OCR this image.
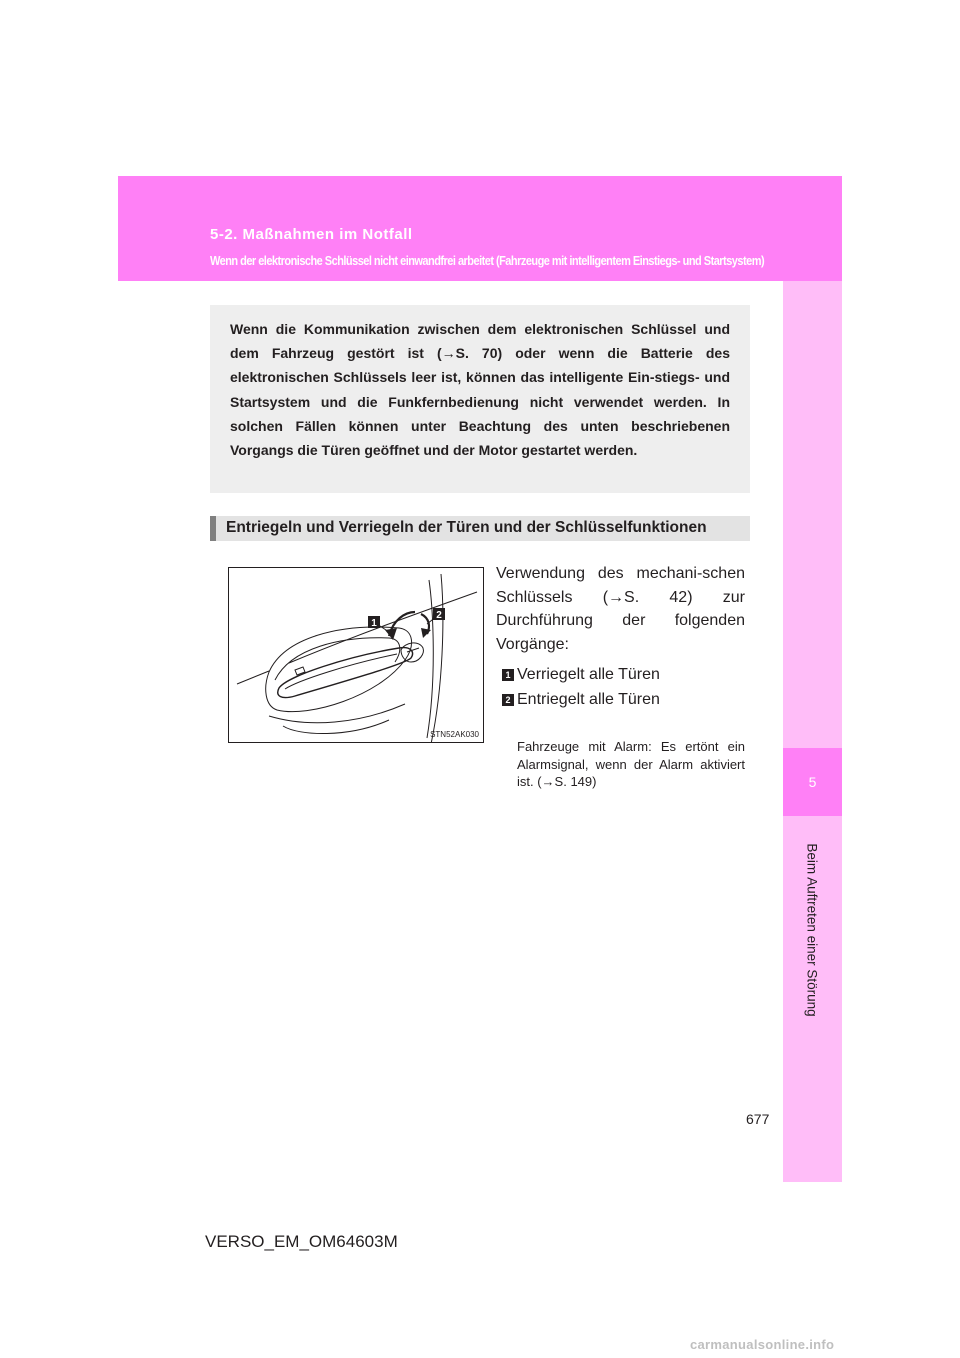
5-2. Maßnahmen im Notfall
Wenn der elektronische Schlüssel nicht einwandfrei arbeitet (Fahrzeuge mit intelligentem Einstiegs- und Startsystem)
5
Beim Auftreten einer Störung

Wenn die Kommunikation zwischen dem elektronischen Schlüssel und dem Fahrzeug gestört ist (→S. 70) oder wenn die Batterie des elektronischen Schlüssels leer ist, können das intelligente Ein-stiegs- und Startsystem und die Funkfernbedienung nicht verwendet werden. In solchen Fällen können unter Beachtung des unten beschriebenen Vorgangs die Türen geöffnet und der Motor gestartet werden.

Entriegeln und Verriegeln der Türen und der Schlüsselfunktionen
1
2
STN52AK030

Verwendung des mechani-schen Schlüssels (→S. 42) zur Durchführung der folgenden Vorgänge:

1 Verriegelt alle Türen
2 Entriegelt alle Türen

Fahrzeuge mit Alarm: Es ertönt ein Alarmsignal, wenn der Alarm aktiviert ist. (→S. 149)

677
VERSO_EM_OM64603M
carmanualsonline.info
